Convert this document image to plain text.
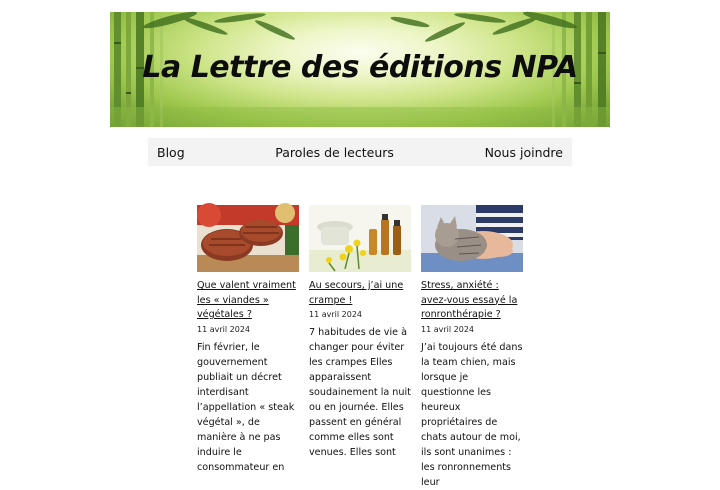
La Lettre des éditions NPA
Blog	Paroles de lecteurs	Nous joindre
Que valent vraiment les « viandes » végétales ?
11 avril 2024

Fin février, le gouvernement publiait un décret interdisant l’appellation « steak végétal », de manière à ne pas induire le consommateur en

Au secours, j’ai une crampe !
11 avril 2024

7 habitudes de vie à changer pour éviter les crampes Elles apparaissent soudainement la nuit ou en journée. Elles passent en général comme elles sont venues. Elles sont

Stress, anxiété : avez-vous essayé la ronronthérapie ?
11 avril 2024

J’ai toujours été dans la team chien, mais lorsque je questionne les heureux propriétaires de chats autour de moi, ils sont unanimes : les ronronnements leur
